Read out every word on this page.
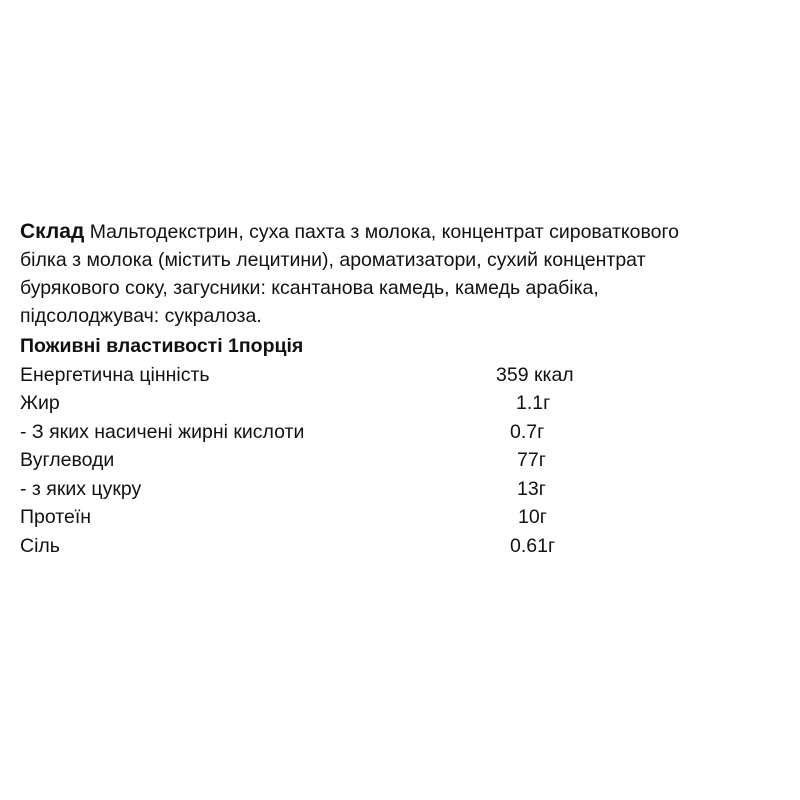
Склад Мальтодекстрин, суха пахта з молока, концентрат сироваткового
білка з молока (містить лецитини), ароматизатори, сухий концентрат
бурякового соку, загусники: ксантанова камедь, камедь арабіка,
підсолоджувач: сукралоза.
Поживні властивості 1порція
Енергетична цінність	359 ккал
Жир	1.1г
- З яких насичені жирні кислоти	0.7г
Вуглеводи	77г
- з яких цукру	13г
Протеїн	10г
Сіль	0.61г
